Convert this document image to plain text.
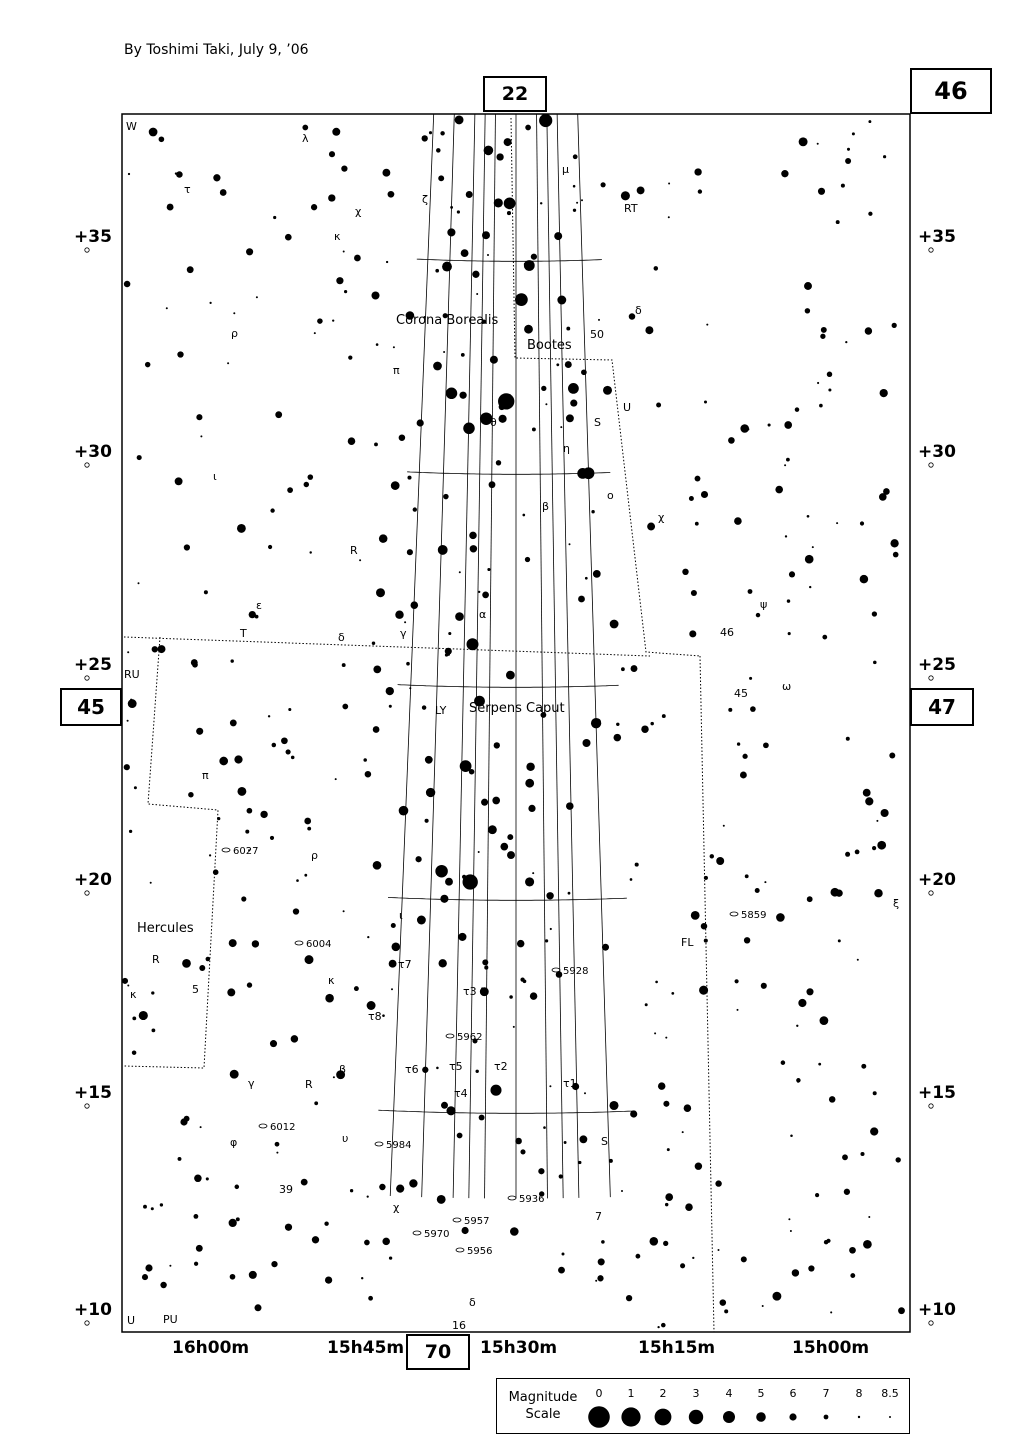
By Toshimi Taki, July 9, ’06
+35	+35
+30	+30
+25	+25
+20	+20
+15	+15
+10	+10
Corona Borealis
Bootes
Serpens Caput
Hercules
λ
τ
κ
χ
ζ
μ
RT
W
ρ
π
δ
50
θ	S
U
η
ι
ο
χ
β
R
ε
α
γ
δ
ψ
46
T
RU
45
ω
LY
π
ρ
ι
ξ
FL
R
5
κ
κ
τ7
τ3
τ8
β	τ6	τ5	τ2
τ1
γ	R
τ4
φ	υ	S
39
χ
7
δ
16
U	PU
6027
6004
5859
5928
5962
6012
5984
5936
5957
5970
5956
22	46
45	47
70
16h00m	15h45m	15h30m	15h15m	15h00m
Magnitude
Scale
0 1 2 3 4 5 6 7 8 8.5
